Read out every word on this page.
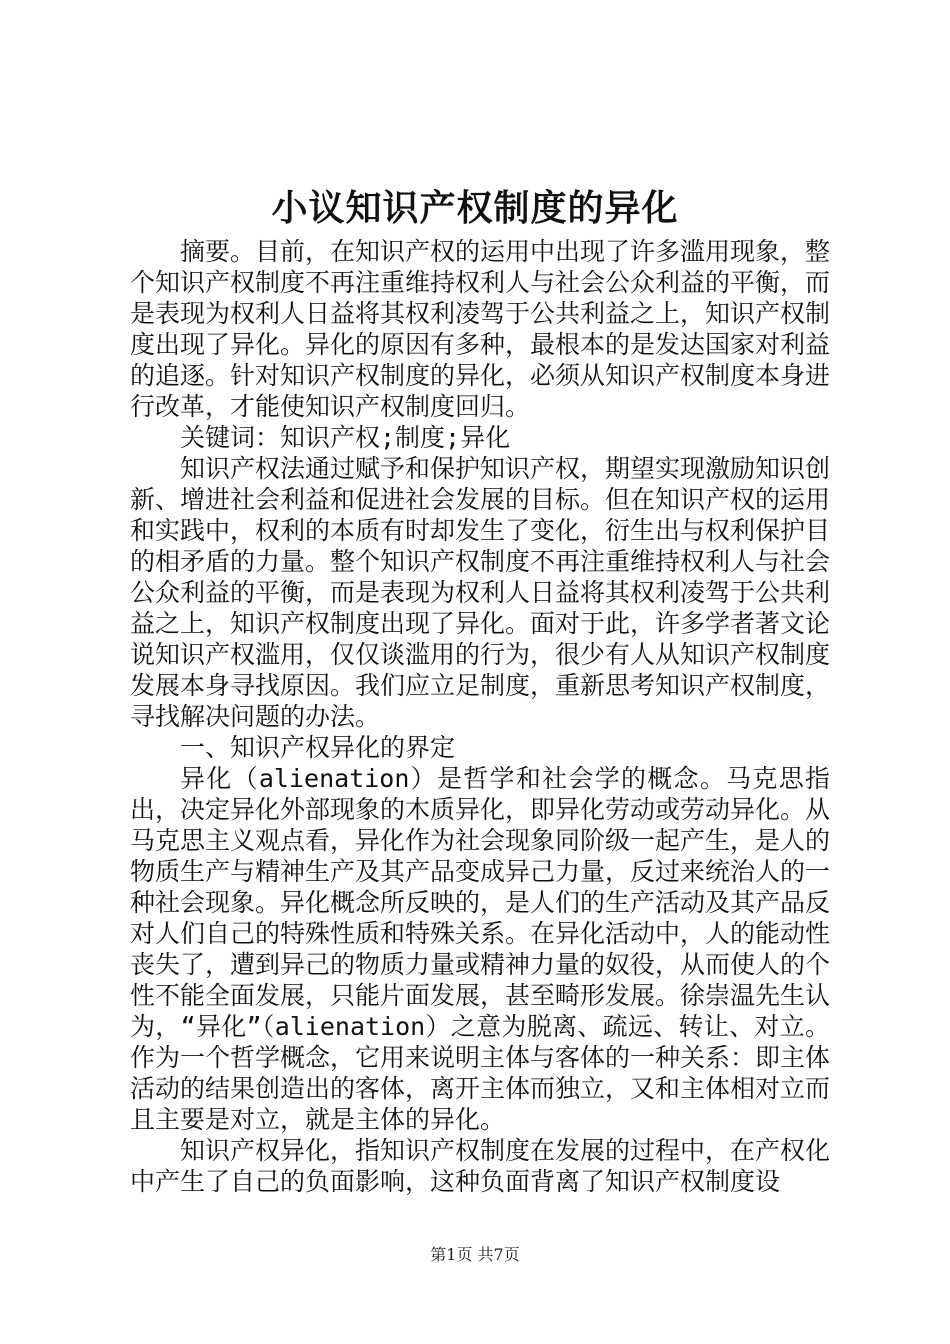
小议知识产权制度的异化

摘要。目前，在知识产权的运用中出现了许多滥用现象，整个知识产权制度不再注重维持权利人与社会公众利益的平衡，而是表现为权利人日益将其权利凌驾于公共利益之上，知识产权制度出现了异化。异化的原因有多种，最根本的是发达国家对利益的追逐。针对知识产权制度的异化，必须从知识产权制度本身进行改革，才能使知识产权制度回归。

关键词：知识产权;制度;异化

知识产权法通过赋予和保护知识产权，期望实现激励知识创新、增进社会利益和促进社会发展的目标。但在知识产权的运用和实践中，权利的本质有时却发生了变化，衍生出与权利保护目的相矛盾的力量。整个知识产权制度不再注重维持权利人与社会公众利益的平衡，而是表现为权利人日益将其权利凌驾于公共利益之上，知识产权制度出现了异化。面对于此，许多学者著文论说知识产权滥用，仅仅谈滥用的行为，很少有人从知识产权制度发展本身寻找原因。我们应立足制度，重新思考知识产权制度，寻找解决问题的办法。

一、知识产权异化的界定

异化（alienation）是哲学和社会学的概念。马克思指出，决定异化外部现象的木质异化，即异化劳动或劳动异化。从马克思主义观点看，异化作为社会现象同阶级一起产生，是人的物质生产与精神生产及其产品变成异己力量，反过来统治人的一种社会现象。异化概念所反映的，是人们的生产活动及其产品反对人们自己的特殊性质和特殊关系。在异化活动中，人的能动性丧失了，遭到异己的物质力量或精神力量的奴役，从而使人的个性不能全面发展，只能片面发展，甚至畸形发展。徐崇温先生认为，“异化”（alienation）之意为脱离、疏远、转让、对立。作为一个哲学概念，它用来说明主体与客体的一种关系：即主体活动的结果创造出的客体，离开主体而独立，又和主体相对立而且主要是对立，就是主体的异化。

知识产权异化，指知识产权制度在发展的过程中，在产权化中产生了自己的负面影响，这种负面背离了知识产权制度设

第1页 共7页
